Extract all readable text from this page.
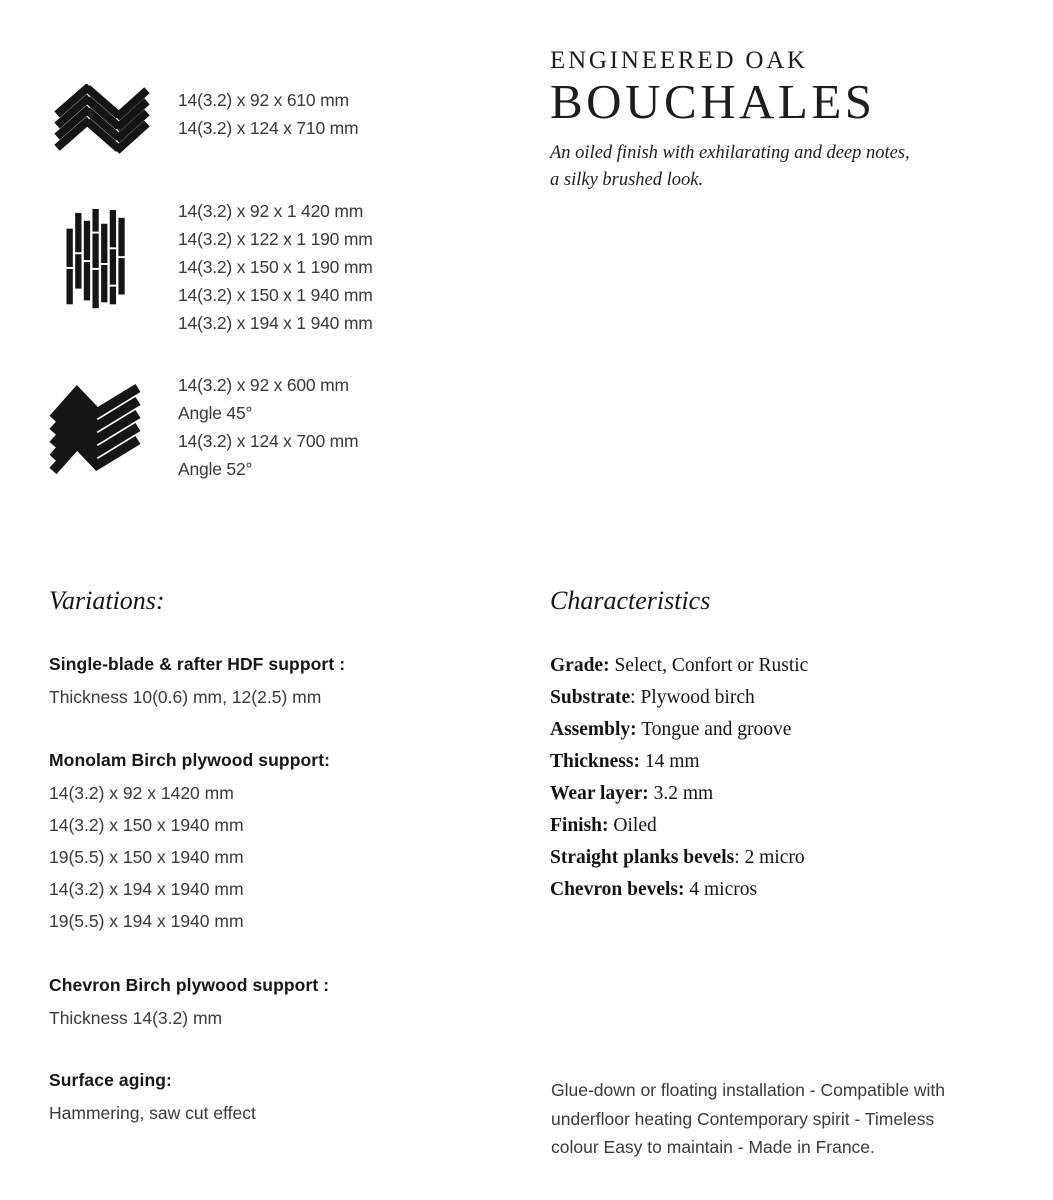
14(3.2) x 92 x 610 mm
14(3.2) x 124 x 710 mm
14(3.2) x 92 x 1 420 mm
14(3.2) x 122 x 1 190 mm
14(3.2) x 150 x 1 190 mm
14(3.2) x 150 x 1 940 mm
14(3.2) x 194 x 1 940 mm
14(3.2) x 92 x 600 mm
Angle 45°
14(3.2) x 124 x 700 mm
Angle 52°
ENGINEERED OAK
BOUCHALES
An oiled finish with exhilarating and deep notes,
a silky brushed look.
Variations:
Single-blade & rafter HDF support :
Thickness 10(0.6) mm, 12(2.5) mm
Monolam Birch plywood support:
14(3.2) x 92 x 1420 mm
14(3.2) x 150 x 1940 mm
19(5.5) x 150 x 1940 mm
14(3.2) x 194 x 1940 mm
19(5.5) x 194 x 1940 mm
Chevron Birch plywood support :
Thickness 14(3.2) mm
Surface aging:
Hammering, saw cut effect
Characteristics
Grade: Select, Confort or Rustic
Substrate: Plywood birch
Assembly: Tongue and groove
Thickness: 14 mm
Wear layer: 3.2 mm
Finish: Oiled
Straight planks bevels: 2 micro
Chevron bevels: 4 micros
Glue-down or floating installation - Compatible with underfloor heating Contemporary spirit - Timeless colour Easy to maintain - Made in France.
